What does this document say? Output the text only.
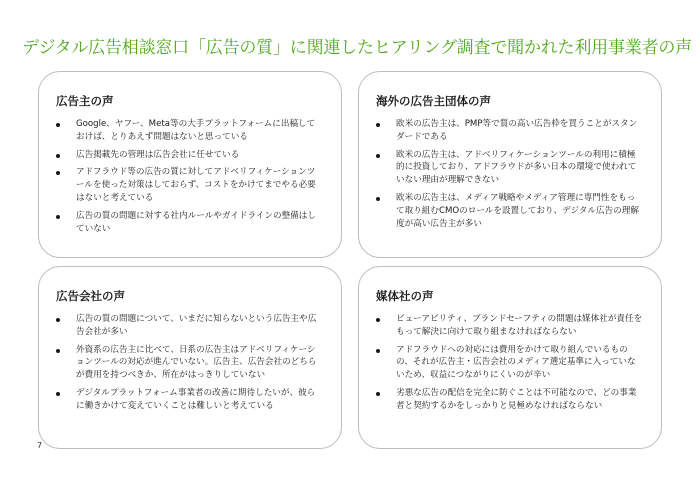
デジタル広告相談窓口「広告の質」に関連したヒアリング調査で聞かれた利用事業者の声
広告主の声
Google、ヤフー、Meta等の大手プラットフォームに出稿しておけば、とりあえず問題はないと思っている
広告掲載先の管理は広告会社に任せている
アドフラウド等の広告の質に対してアドベリフィケーションツールを使った対策はしておらず、コストをかけてまでやる必要はないと考えている
広告の質の問題に対する社内ルールやガイドラインの整備はしていない
海外の広告主団体の声
欧米の広告主は、PMP等で質の高い広告枠を買うことがスタンダードである
欧米の広告主は、アドベリフィケーションツールの利用に積極的に投資しており、アドフラウドが多い日本の環境で使われていない理由が理解できない
欧米の広告主は、メディア戦略やメディア管理に専門性をもって取り組むCMOのロールを設置しており、デジタル広告の理解度が高い広告主が多い
広告会社の声
広告の質の問題について、いまだに知らないという広告主や広告会社が多い
外資系の広告主に比べて、日系の広告主はアドベリフィケーションツールの対応が進んでいない。広告主、広告会社のどちらが費用を持つべきか、所在がはっきりしていない
デジタルプラットフォーム事業者の改善に期待したいが、彼らに働きかけて変えていくことは難しいと考えている
媒体社の声
ビューアビリティ、ブランドセーフティの問題は媒体社が責任をもって解決に向けて取り組まなければならない
アドフラウドへの対応には費用をかけて取り組んでいるものの、それが広告主・広告会社のメディア選定基準に入っていないため、収益につながりにくいのが辛い
劣悪な広告の配信を完全に防ぐことは不可能なので、どの事業者と契約するかをしっかりと見極めなければならない
7
